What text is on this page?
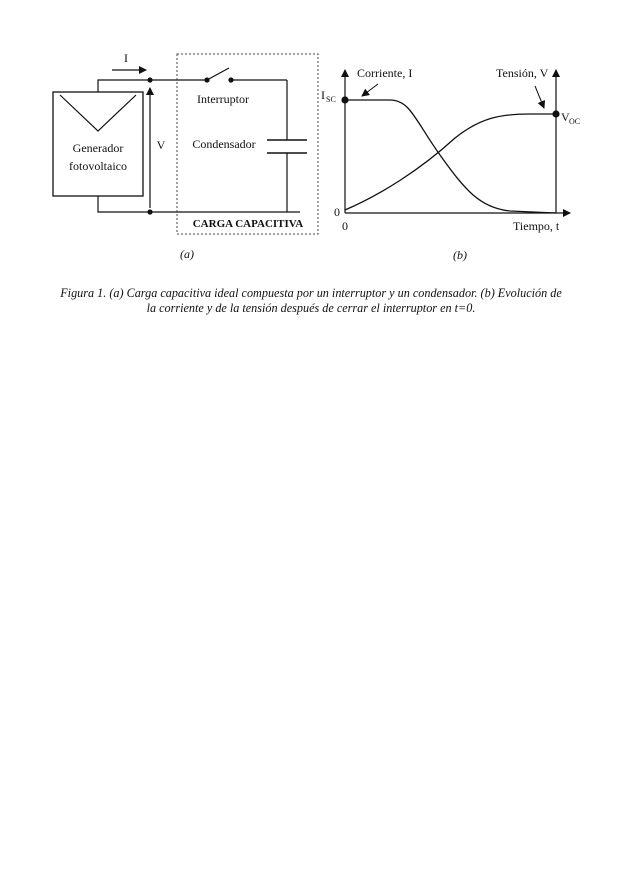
Generador
fotovoltaico
I
V
Interruptor
Condensador
CARGA CAPACITIVA
(a)
Corriente, I	Tensión, V
I SC
V OC
0
0	Tiempo, t
(b)
Figura 1. (a) Carga capacitiva ideal compuesta por un interruptor y un condensador. (b) Evolución de
la corriente y de la tensión después de cerrar el interruptor en t=0.
